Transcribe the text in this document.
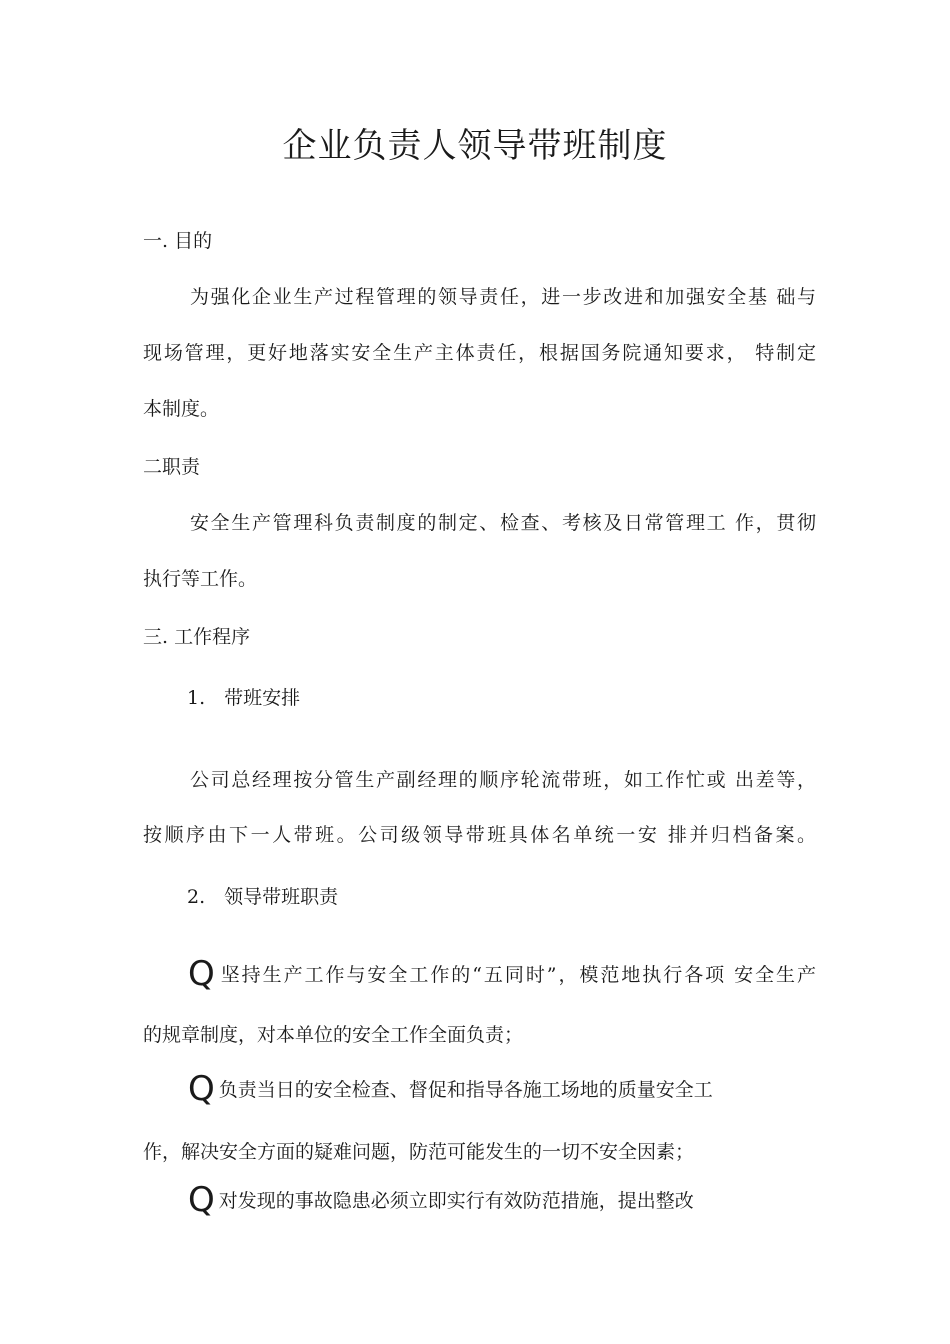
企业负责人领导带班制度
一. 目的
为强化企业生产过程管理的领导责任，进一步改进和加强安全基 础与
现场管理，更好地落实安全生产主体责任，根据国务院通知要求， 特制定
本制度。
二职责
安全生产管理科负责制度的制定、检查、考核及日常管理工 作，贯彻
执行等工作。
三. 工作程序
1.　带班安排
公司总经理按分管生产副经理的顺序轮流带班，如工作忙或 出差等，
按顺序由下一人带班。公司级领导带班具体名单统一安 排并归档备案。
2.　领导带班职责
Q坚持生产工作与安全工作的“五同时”，模范地执行各项 安全生产
的规章制度，对本单位的安全工作全面负责；
Q负责当日的安全检查、督促和指导各施工场地的质量安全工
作，解决安全方面的疑难问题，防范可能发生的一切不安全因素；
Q对发现的事故隐患必须立即实行有效防范措施，提出整改
